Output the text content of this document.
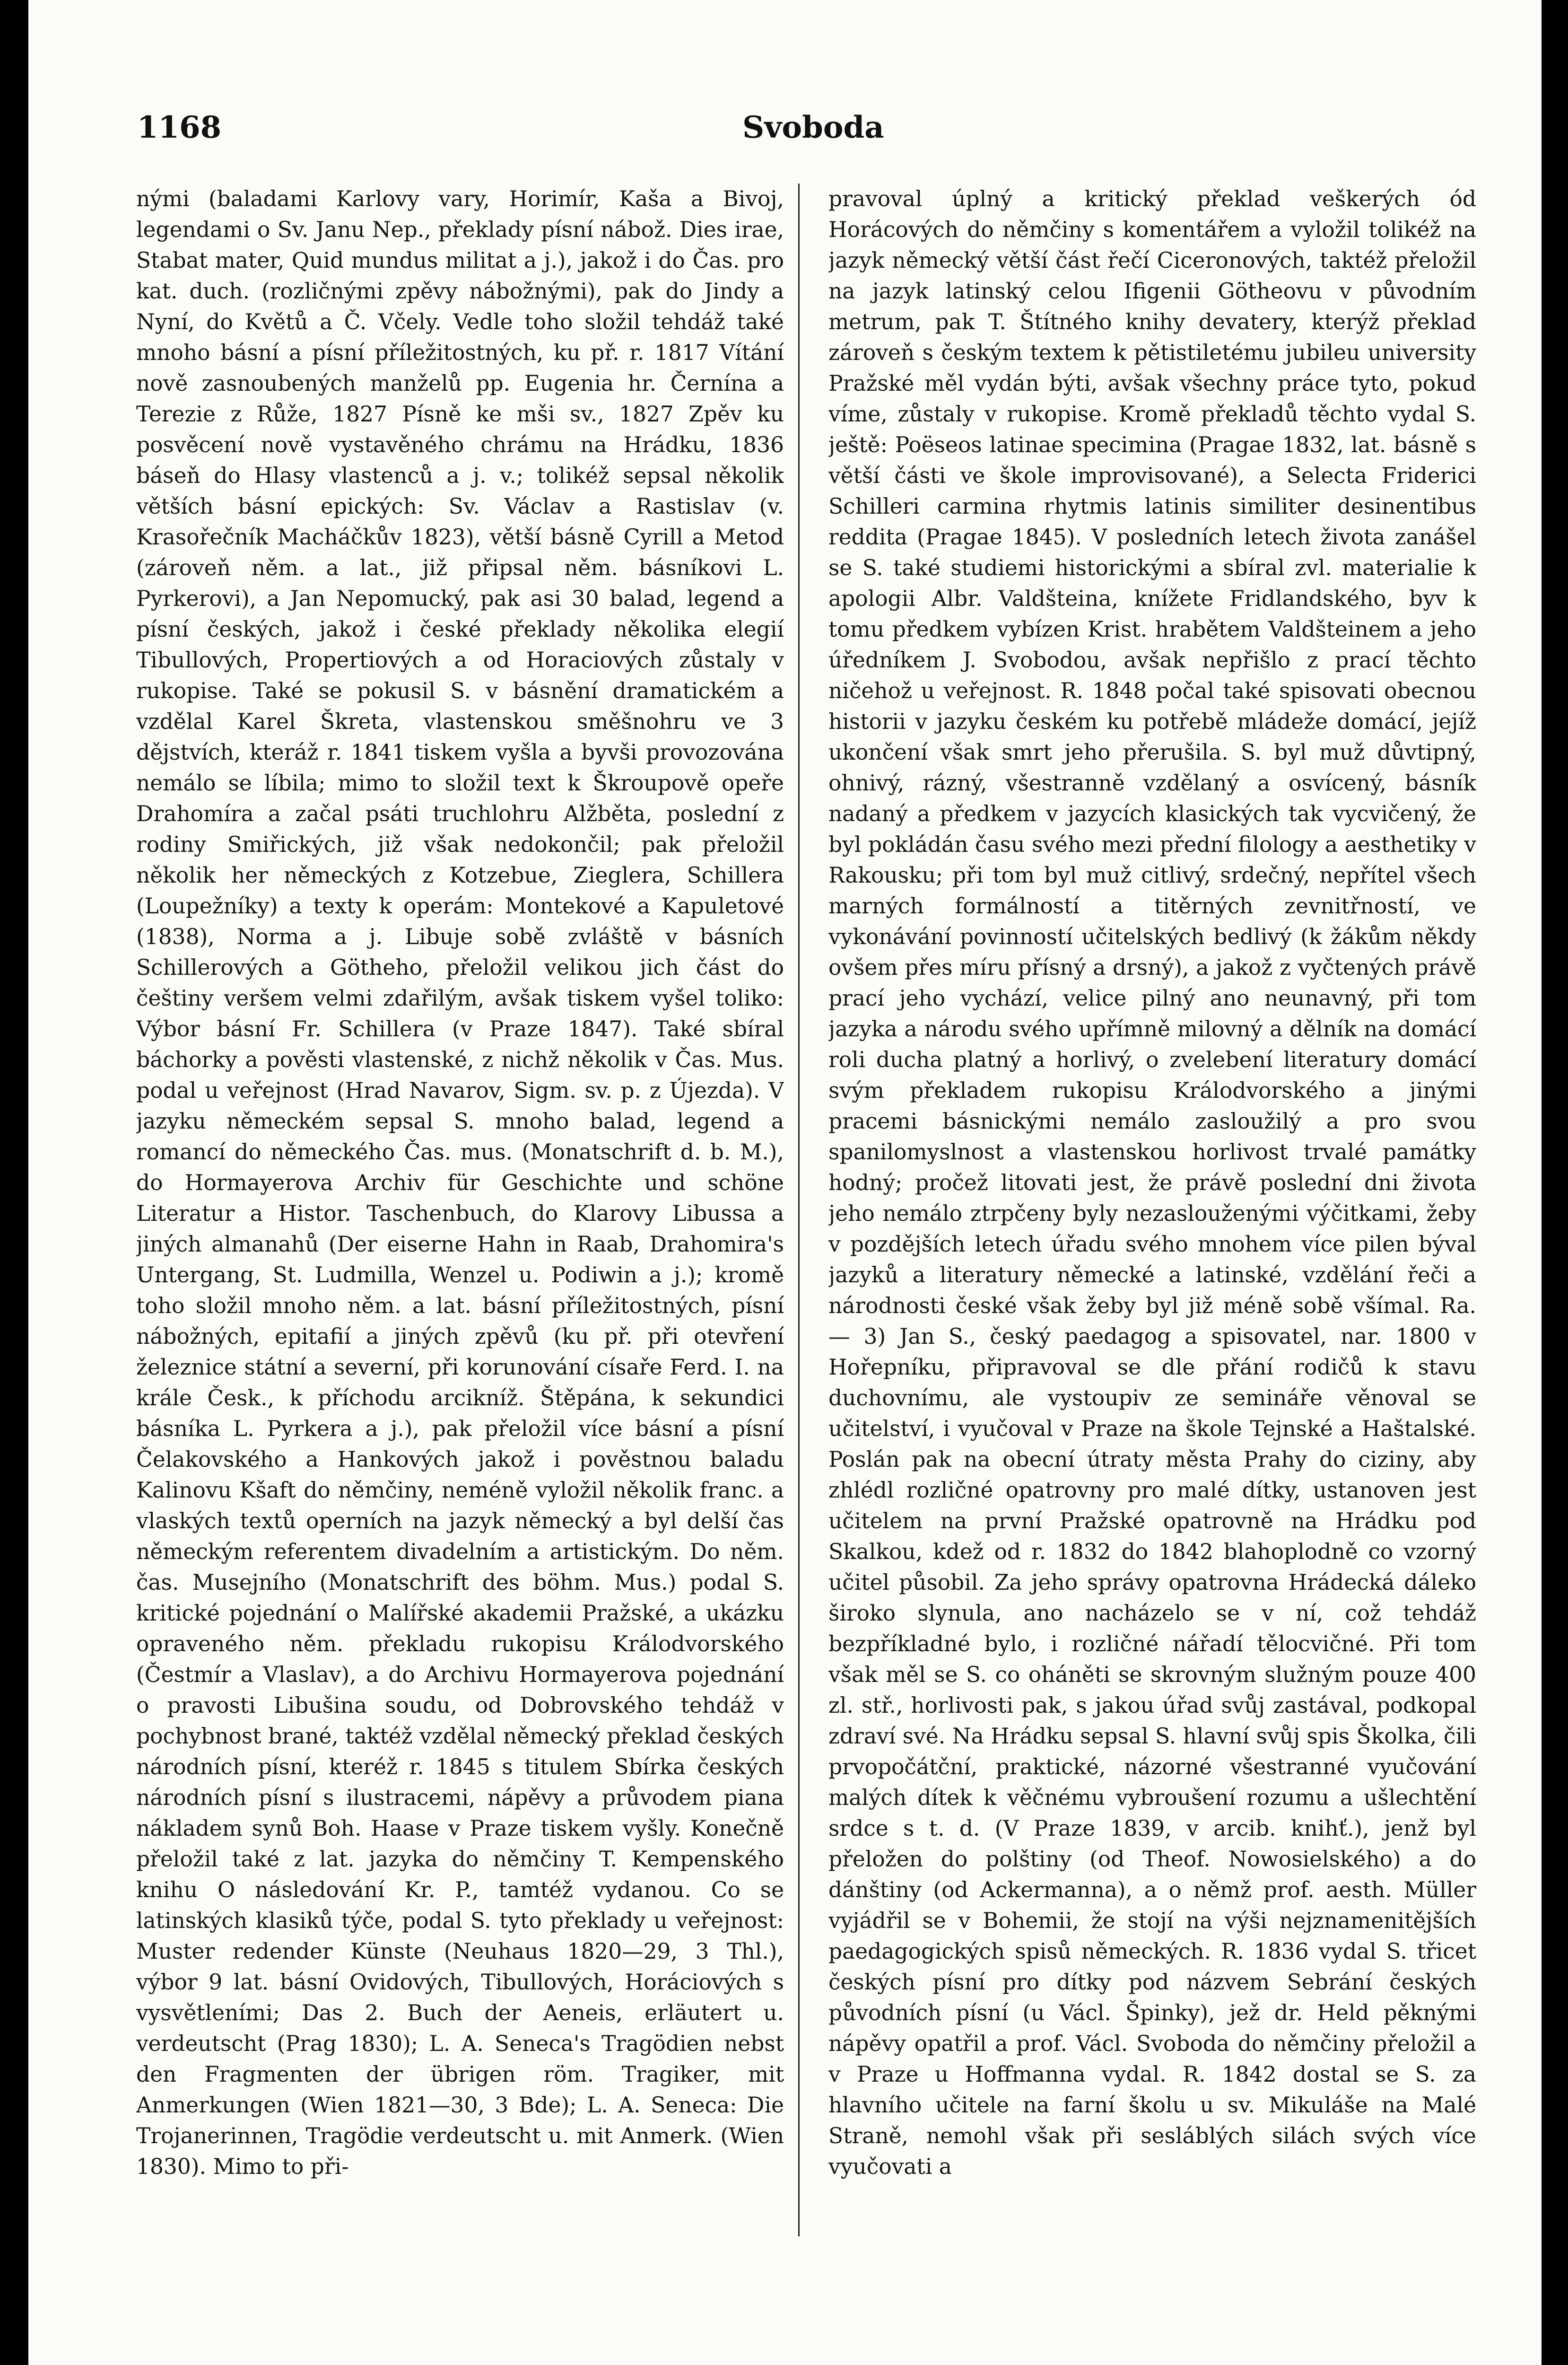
1168	Svoboda

nými (baladami Karlovy vary, Horimír, Kaša a Bivoj, legendami o Sv. Janu Nep., překlady písní nábož. Dies irae, Stabat mater, Quid mundus militat a j.), jakož i do Čas. pro kat. duch. (rozličnými zpěvy nábožnými), pak do Jindy a Nyní, do Květů a Č. Včely. Vedle toho složil tehdáž také mnoho básní a písní příležitostných, ku př. r. 1817 Vítání nově zasnoubených manželů pp. Eugenia hr. Černína a Terezie z Růže, 1827 Písně ke mši sv., 1827 Zpěv ku posvěcení nově vystavěného chrámu na Hrádku, 1836 báseň do Hlasy vlastenců a j. v.; tolikéž sepsal několik větších básní epických: Sv. Václav a Rastislav (v. Krasořečník Macháčkův 1823), větší básně Cyrill a Metod (zároveň něm. a lat., již připsal něm. básníkovi L. Pyrkerovi), a Jan Nepomucký, pak asi 30 balad, legend a písní českých, jakož i české překlady několika elegií Tibullových, Propertiových a od Horaciových zůstaly v rukopise. Také se pokusil S. v básnění dramatickém a vzdělal Karel Škreta, vlastenskou směšnohru ve 3 dějstvích, kteráž r. 1841 tiskem vyšla a byvši provozována nemálo se líbila; mimo to složil text k Škroupově opeře Drahomíra a začal psáti truchlohru Alžběta, poslední z rodiny Smiřických, již však nedokončil; pak přeložil několik her německých z Kotzebue, Zieglera, Schillera (Loupežníky) a texty k operám: Montekové a Kapuletové (1838), Norma a j. Libuje sobě zvláště v básních Schillerových a Götheho, přeložil velikou jich část do češtiny veršem velmi zdařilým, avšak tiskem vyšel toliko: Výbor básní Fr. Schillera (v Praze 1847). Také sbíral báchorky a pověsti vlastenské, z nichž několik v Čas. Mus. podal u veřejnost (Hrad Navarov, Sigm. sv. p. z Újezda). V jazyku německém sepsal S. mnoho balad, legend a romancí do německého Čas. mus. (Monatschrift d. b. M.), do Hormayerova Archiv für Geschichte und schöne Literatur a Histor. Taschenbuch, do Klarovy Libussa a jiných almanahů (Der eiserne Hahn in Raab, Drahomira's Untergang, St. Ludmilla, Wenzel u. Podiwin a j.); kromě toho složil mnoho něm. a lat. básní příležitostných, písní nábožných, epitafií a jiných zpěvů (ku př. při otevření železnice státní a severní, při korunování císaře Ferd. I. na krále Česk., k příchodu arcikníž. Štěpána, k sekundici básníka L. Pyrkera a j.), pak přeložil více básní a písní Čelakovského a Hankových jakož i pověstnou baladu Kalinovu Kšaft do němčiny, neméně vyložil několik franc. a vlaských textů operních na jazyk německý a byl delší čas německým referentem divadelním a artistickým. Do něm. čas. Musejního (Monatschrift des böhm. Mus.) podal S. kritické pojednání o Malířské akademii Pražské, a ukázku opraveného něm. překladu rukopisu Králodvorského (Čestmír a Vlaslav), a do Archivu Hormayerova pojednání o pravosti Libušina soudu, od Dobrovského tehdáž v pochybnost brané, taktéž vzdělal německý překlad českých národních písní, kteréž r. 1845 s titulem Sbírka českých národních písní s ilustracemi, nápěvy a průvodem piana nákladem synů Boh. Haase v Praze tiskem vyšly. Konečně přeložil také z lat. jazyka do němčiny T. Kempenského knihu O následování Kr. P., tamtéž vydanou. Co se latinských klasiků týče, podal S. tyto překlady u veřejnost: Muster redender Künste (Neuhaus 1820—29, 3 Thl.), výbor 9 lat. básní Ovidových, Tibullových, Horáciových s vysvětleními; Das 2. Buch der Aeneis, erläutert u. verdeutscht (Prag 1830); L. A. Seneca's Tragödien nebst den Fragmenten der übrigen röm. Tragiker, mit Anmerkungen (Wien 1821—30, 3 Bde); L. A. Seneca: Die Trojanerinnen, Tragödie verdeutscht u. mit Anmerk. (Wien 1830). Mimo to při-

pravoval úplný a kritický překlad veškerých ód Horácových do němčiny s komentářem a vyložil tolikéž na jazyk německý větší část řečí Ciceronových, taktéž přeložil na jazyk latinský celou Ifigenii Götheovu v původním metrum, pak T. Štítného knihy devatery, kterýž překlad zároveň s českým textem k pětistiletému jubileu university Pražské měl vydán býti, avšak všechny práce tyto, pokud víme, zůstaly v rukopise. Kromě překladů těchto vydal S. ještě: Poëseos latinae specimina (Pragae 1832, lat. básně s větší části ve škole improvisované), a Selecta Friderici Schilleri carmina rhytmis latinis similiter desinentibus reddita (Pragae 1845). V posledních letech života zanášel se S. také studiemi historickými a sbíral zvl. materialie k apologii Albr. Valdšteina, knížete Fridlandského, byv k tomu předkem vybízen Krist. hrabětem Valdšteinem a jeho úředníkem J. Svobodou, avšak nepřišlo z prací těchto ničehož u veřejnost. R. 1848 počal také spisovati obecnou historii v jazyku českém ku potřebě mládeže domácí, jejíž ukončení však smrt jeho přerušila. S. byl muž důvtipný, ohnivý, rázný, všestranně vzdělaný a osvícený, básník nadaný a předkem v jazycích klasických tak vycvičený, že byl pokládán času svého mezi přední filology a aesthetiky v Rakousku; při tom byl muž citlivý, srdečný, nepřítel všech marných formálností a titěrných zevnitřností, ve vykonávání povinností učitelských bedlivý (k žákům někdy ovšem přes míru přísný a drsný), a jakož z vyčtených právě prací jeho vychází, velice pilný ano neunavný, při tom jazyka a národu svého upřímně milovný a dělník na domácí roli ducha platný a horlivý, o zvelebení literatury domácí svým překladem rukopisu Králodvorského a jinými pracemi básnickými nemálo zasloužilý a pro svou spanilomyslnost a vlastenskou horlivost trvalé památky hodný; pročež litovati jest, že právě poslední dni života jeho nemálo ztrpčeny byly nezaslouženými výčitkami, žeby v pozdějších letech úřadu svého mnohem více pilen býval jazyků a literatury německé a latinské, vzdělání řeči a národnosti české však žeby byl již méně sobě všímal. Ra. — 3) Jan S., český paedagog a spisovatel, nar. 1800 v Hořepníku, připravoval se dle přání rodičů k stavu duchovnímu, ale vystoupiv ze semináře věnoval se učitelství, i vyučoval v Praze na škole Tejnské a Haštalské. Poslán pak na obecní útraty města Prahy do ciziny, aby zhlédl rozličné opatrovny pro malé dítky, ustanoven jest učitelem na první Pražské opatrovně na Hrádku pod Skalkou, kdež od r. 1832 do 1842 blahoplodně co vzorný učitel působil. Za jeho správy opatrovna Hrádecká dálekо široko slynula, ano nacházelo se v ní, což tehdáž bezpříkladné bylo, i rozličné nářadí tělocvičné. Při tom však měl se S. co oháněti se skrovným služným pouze 400 zl. stř., horlivosti pak, s jakou úřad svůj zastával, podkopal zdraví své. Na Hrádku sepsal S. hlavní svůj spis Školka, čili prvopočátční, praktické, názorné všestranné vyučování malých dítek k věčnému vybroušení rozumu a ušlechtění srdce s t. d. (V Praze 1839, v arcib. knihť.), jenž byl přeložen do polštiny (od Theof. Nowosielského) a do dánštiny (od Ackermanna), a o němž prof. aesth. Müller vyjádřil se v Bohemii, že stojí na výši nejznamenitějších paedagogických spisů německých. R. 1836 vydal S. třicet českých písní pro dítky pod názvem Sebrání českých původních písní (u Václ. Špinky), jež dr. Held pěknými nápěvy opatřil a prof. Václ. Svoboda do němčiny přeložil a v Praze u Hoffmanna vydal. R. 1842 dostal se S. za hlavního učitele na farní školu u sv. Mikuláše na Malé Straně, nemohl však při sesláblých silách svých více vyučovati a
